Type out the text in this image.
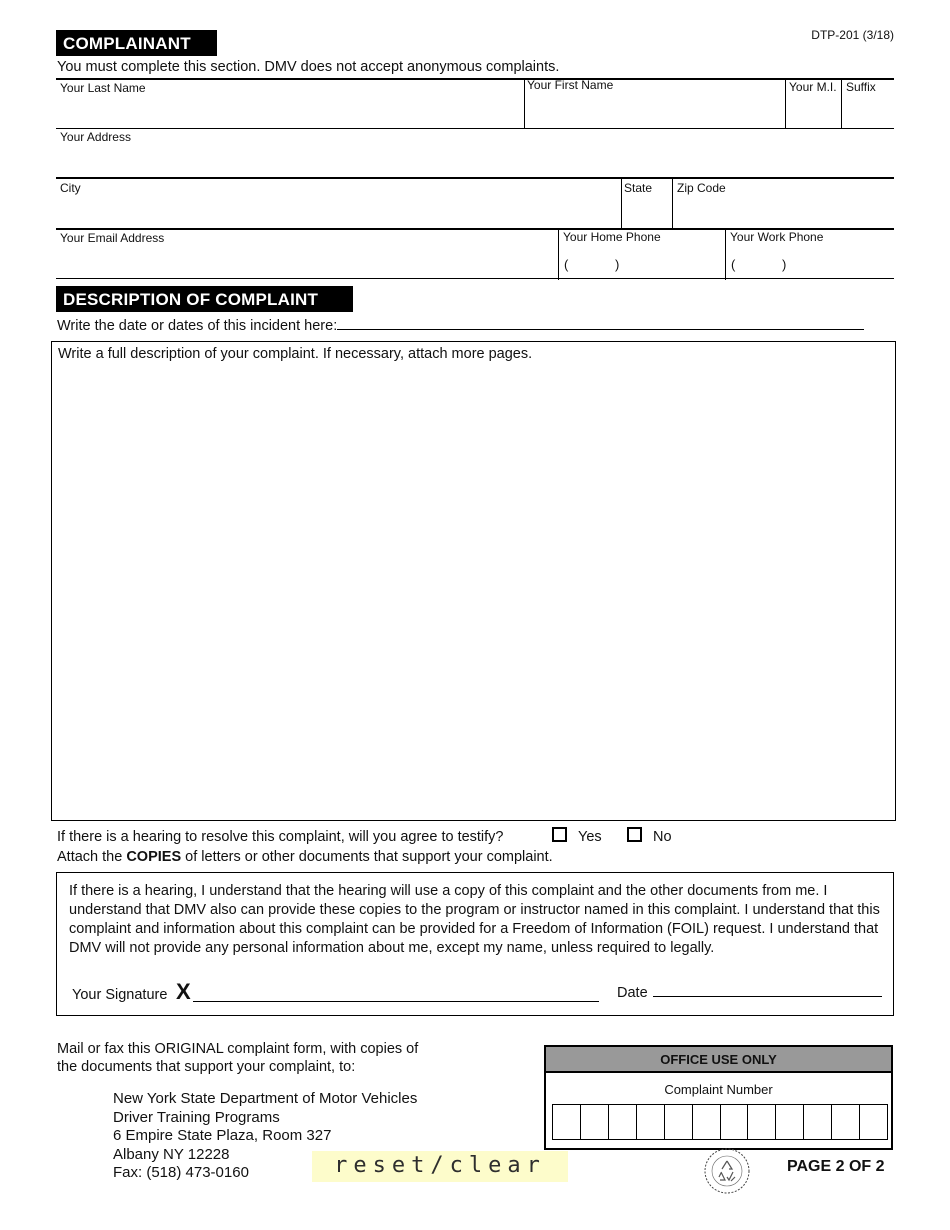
DTP-201 (3/18)
COMPLAINANT
You must complete this section. DMV does not accept anonymous complaints.
Your Last Name	Your First Name	Your M.I. Suffix
Your Address
City	State Zip Code
Your Email Address	Your Home Phone	Your Work Phone
(	)	(	)
DESCRIPTION OF COMPLAINT
Write the date or dates of this incident here:
Write a full description of your complaint. If necessary, attach more pages.
If there is a hearing to resolve this complaint, will you agree to testify?	Yes	No
Attach the COPIES of letters or other documents that support your complaint.
If there is a hearing, I understand that the hearing will use a copy of this complaint and the other documents from me. I understand that DMV also can provide these copies to the program or instructor named in this complaint. I understand that this complaint and information about this complaint can be provided for a Freedom of Information (FOIL) request. I understand that DMV will not provide any personal information about me, except my name, unless required to legally.
Your Signature X	Date
Mail or fax this ORIGINAL complaint form, with copies of
the documents that support your complaint, to:
New York State Department of Motor Vehicles
Driver Training Programs
6 Empire State Plaza, Room 327
Albany NY 12228
Fax: (518) 473-0160	reset/clear
OFFICE USE ONLY
Complaint Number
PAGE 2 OF 2
